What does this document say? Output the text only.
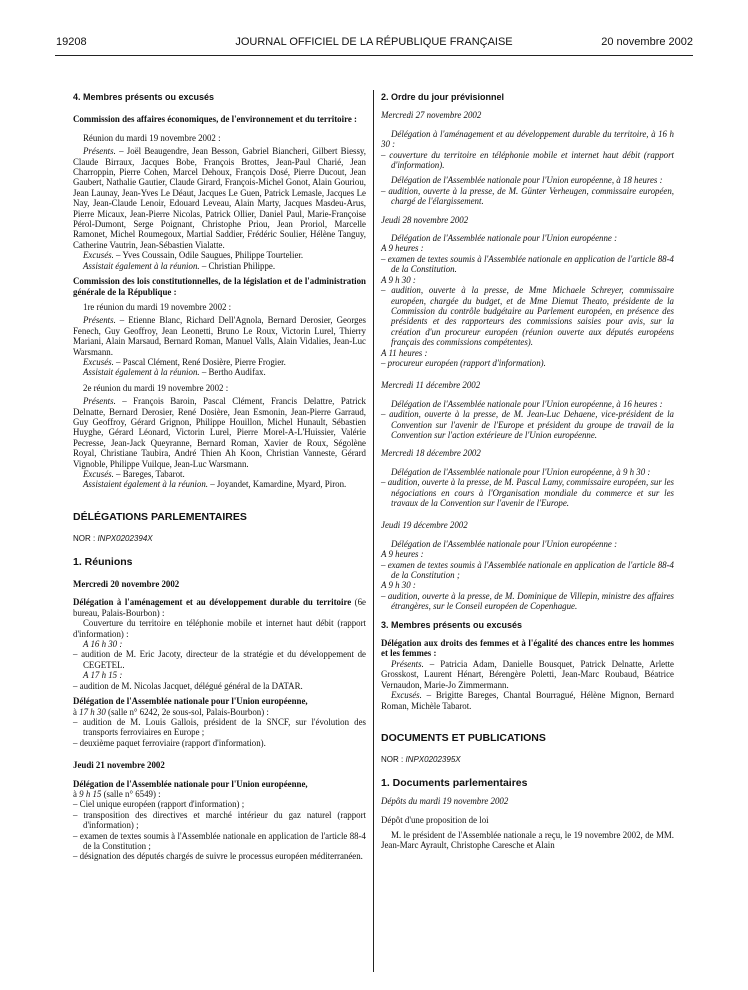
19208	JOURNAL OFFICIEL DE LA RÉPUBLIQUE FRANÇAISE	20 novembre 2002

4. Membres présents ou excusés

Commission des affaires économiques, de l'environnement et du territoire :

Réunion du mardi 19 novembre 2002 :

Présents. – Joël Beaugendre, Jean Besson, Gabriel Biancheri, Gilbert Biessy, Claude Birraux, Jacques Bobe, François Brottes, Jean-Paul Charié, Jean Charroppin, Pierre Cohen, Marcel Dehoux, François Dosé, Pierre Ducout, Jean Gaubert, Nathalie Gautier, Claude Girard, François-Michel Gonot, Alain Gouriou, Jean Launay, Jean-Yves Le Déaut, Jacques Le Guen, Patrick Lemasle, Jacques Le Nay, Jean-Claude Lenoir, Edouard Leveau, Alain Marty, Jacques Masdeu-Arus, Pierre Micaux, Jean-Pierre Nicolas, Patrick Ollier, Daniel Paul, Marie-Françoise Pérol-Dumont, Serge Poignant, Christophe Priou, Jean Proriol, Marcelle Ramonet, Michel Roumegoux, Martial Saddier, Frédéric Soulier, Hélène Tanguy, Catherine Vautrin, Jean-Sébastien Vialatte.

Excusés. – Yves Coussain, Odile Saugues, Philippe Tourtelier.

Assistait également à la réunion. – Christian Philippe.

Commission des lois constitutionnelles, de la législation et de l'administration générale de la République :

1re réunion du mardi 19 novembre 2002 :

Présents. – Etienne Blanc, Richard Dell'Agnola, Bernard Derosier, Georges Fenech, Guy Geoffroy, Jean Leonetti, Bruno Le Roux, Victorin Lurel, Thierry Mariani, Alain Marsaud, Bernard Roman, Manuel Valls, Alain Vidalies, Jean-Luc Warsmann.

Excusés. – Pascal Clément, René Dosière, Pierre Frogier.

Assistait également à la réunion. – Bertho Audifax.

2e réunion du mardi 19 novembre 2002 :

Présents. – François Baroin, Pascal Clément, Francis Delattre, Patrick Delnatte, Bernard Derosier, René Dosière, Jean Esmonin, Jean-Pierre Garraud, Guy Geoffroy, Gérard Grignon, Philippe Houillon, Michel Hunault, Sébastien Huyghe, Gérard Léonard, Victorin Lurel, Pierre Morel-A-L'Huissier, Valérie Pecresse, Jean-Jack Queyranne, Bernard Roman, Xavier de Roux, Ségolène Royal, Christiane Taubira, André Thien Ah Koon, Christian Vanneste, Gérard Vignoble, Philippe Vuilque, Jean-Luc Warsmann.

Excusés. – Bareges, Tabarot.

Assistaient également à la réunion. – Joyandet, Kamardine, Myard, Piron.

DÉLÉGATIONS PARLEMENTAIRES

NOR : INPX0202394X

1. Réunions

Mercredi 20 novembre 2002

Délégation à l'aménagement et au développement durable du territoire (6e bureau, Palais-Bourbon) :

Couverture du territoire en téléphonie mobile et internet haut débit (rapport d'information) :

A 16 h 30 :

– audition de M. Eric Jacoty, directeur de la stratégie et du développement de CEGETEL.

A 17 h 15 :

– audition de M. Nicolas Jacquet, délégué général de la DATAR.

Délégation de l'Assemblée nationale pour l'Union européenne,
à 17 h 30 (salle n° 6242, 2e sous-sol, Palais-Bourbon) :

– audition de M. Louis Gallois, président de la SNCF, sur l'évolution des transports ferroviaires en Europe ;

– deuxième paquet ferroviaire (rapport d'information).

Jeudi 21 novembre 2002

Délégation de l'Assemblée nationale pour l'Union européenne,
à 9 h 15 (salle n° 6549) :

– Ciel unique européen (rapport d'information) ;

– transposition des directives et marché intérieur du gaz naturel (rapport d'information) ;

– examen de textes soumis à l'Assemblée nationale en application de l'article 88-4 de la Constitution ;

– désignation des députés chargés de suivre le processus européen méditerranéen.

2. Ordre du jour prévisionnel

Mercredi 27 novembre 2002

Délégation à l'aménagement et au développement durable du territoire, à 16 h 30 :

– couverture du territoire en téléphonie mobile et internet haut débit (rapport d'information).

Délégation de l'Assemblée nationale pour l'Union européenne, à 18 heures :

– audition, ouverte à la presse, de M. Günter Verheugen, commissaire européen, chargé de l'élargissement.

Jeudi 28 novembre 2002

Délégation de l'Assemblée nationale pour l'Union européenne :

A 9 heures :

– examen de textes soumis à l'Assemblée nationale en application de l'article 88-4 de la Constitution.

A 9 h 30 :

– audition, ouverte à la presse, de Mme Michaele Schreyer, commissaire européen, chargée du budget, et de Mme Diemut Theato, présidente de la Commission du contrôle budgétaire au Parlement européen, en présence des présidents et des rapporteurs des commissions saisies pour avis, sur la création d'un procureur européen (réunion ouverte aux députés européens français des commissions compétentes).

A 11 heures :

– procureur européen (rapport d'information).

Mercredi 11 décembre 2002

Délégation de l'Assemblée nationale pour l'Union européenne, à 16 heures :

– audition, ouverte à la presse, de M. Jean-Luc Dehaene, vice-président de la Convention sur l'avenir de l'Europe et président du groupe de travail de la Convention sur l'action extérieure de l'Union européenne.

Mercredi 18 décembre 2002

Délégation de l'Assemblée nationale pour l'Union européenne, à 9 h 30 :

– audition, ouverte à la presse, de M. Pascal Lamy, commissaire européen, sur les négociations en cours à l'Organisation mondiale du commerce et sur les travaux de la Convention sur l'avenir de l'Europe.

Jeudi 19 décembre 2002

Délégation de l'Assemblée nationale pour l'Union européenne :

A 9 heures :

– examen de textes soumis à l'Assemblée nationale en application de l'article 88-4 de la Constitution ;

A 9 h 30 :

– audition, ouverte à la presse, de M. Dominique de Villepin, ministre des affaires étrangères, sur le Conseil européen de Copenhague.

3. Membres présents ou excusés

Délégation aux droits des femmes et à l'égalité des chances entre les hommes et les femmes :

Présents. – Patricia Adam, Danielle Bousquet, Patrick Delnatte, Arlette Grosskost, Laurent Hénart, Bérengère Poletti, Jean-Marc Roubaud, Béatrice Vernaudon, Marie-Jo Zimmermann.

Excusés. – Brigitte Bareges, Chantal Bourragué, Hélène Mignon, Bernard Roman, Michèle Tabarot.

DOCUMENTS ET PUBLICATIONS

NOR : INPX0202395X

1. Documents parlementaires

Dépôts du mardi 19 novembre 2002

Dépôt d'une proposition de loi

M. le président de l'Assemblée nationale a reçu, le 19 novembre 2002, de MM. Jean-Marc Ayrault, Christophe Caresche et Alain
